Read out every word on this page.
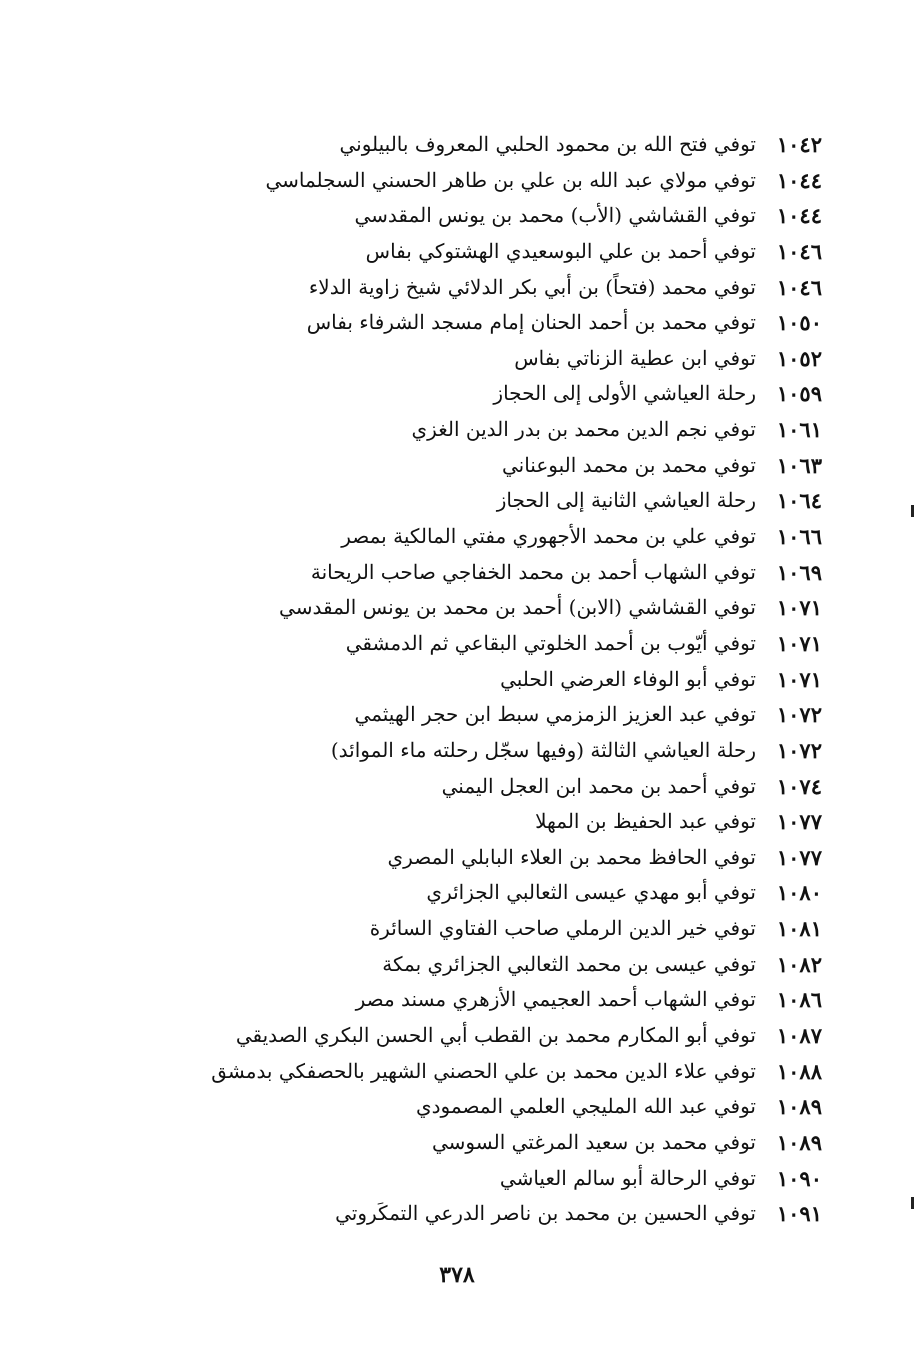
١٠٤٢
توفي فتح الله بن محمود الحلبي المعروف بالبيلوني
١٠٤٤
توفي مولاي عبد الله بن علي بن طاهر الحسني السجلماسي
١٠٤٤
توفي القشاشي (الأب) محمد بن يونس المقدسي
١٠٤٦
توفي أحمد بن علي البوسعيدي الهشتوكي بفاس
١٠٤٦
توفي محمد (فتحاً) بن أبي بكر الدلائي شيخ زاوية الدلاء
١٠٥٠
توفي محمد بن أحمد الحنان إمام مسجد الشرفاء بفاس
١٠٥٢
توفي ابن عطية الزناتي بفاس
١٠٥٩
رحلة العياشي الأولى إلى الحجاز
١٠٦١
توفي نجم الدين محمد بن بدر الدين الغزي
١٠٦٣
توفي محمد بن محمد البوعناني
١٠٦٤
رحلة العياشي الثانية إلى الحجاز
١٠٦٦
توفي علي بن محمد الأجهوري مفتي المالكية بمصر
١٠٦٩
توفي الشهاب أحمد بن محمد الخفاجي صاحب الريحانة
١٠٧١
توفي القشاشي (الابن) أحمد بن محمد بن يونس المقدسي
١٠٧١
توفي أيّوب بن أحمد الخلوتي البقاعي ثم الدمشقي
١٠٧١
توفي أبو الوفاء العرضي الحلبي
١٠٧٢
توفي عبد العزيز الزمزمي سبط ابن حجر الهيثمي
١٠٧٢
رحلة العياشي الثالثة (وفيها سجّل رحلته ماء الموائد)
١٠٧٤
توفي أحمد بن محمد ابن العجل اليمني
١٠٧٧
توفي عبد الحفيظ بن المهلا
١٠٧٧
توفي الحافظ محمد بن العلاء البابلي المصري
١٠٨٠
توفي أبو مهدي عيسى الثعالبي الجزائري
١٠٨١
توفي خير الدين الرملي صاحب الفتاوي السائرة
١٠٨٢
توفي عيسى بن محمد الثعالبي الجزائري بمكة
١٠٨٦
توفي الشهاب أحمد العجيمي الأزهري مسند مصر
١٠٨٧
توفي أبو المكارم محمد بن القطب أبي الحسن البكري الصديقي
١٠٨٨
توفي علاء الدين محمد بن علي الحصني الشهير بالحصفكي بدمشق
١٠٨٩
توفي عبد الله المليجي العلمي المصمودي
١٠٨٩
توفي محمد بن سعيد المرغتي السوسي
١٠٩٠
توفي الرحالة أبو سالم العياشي
١٠٩١
توفي الحسين بن محمد بن ناصر الدرعي التمكَروتي
٣٧٨
